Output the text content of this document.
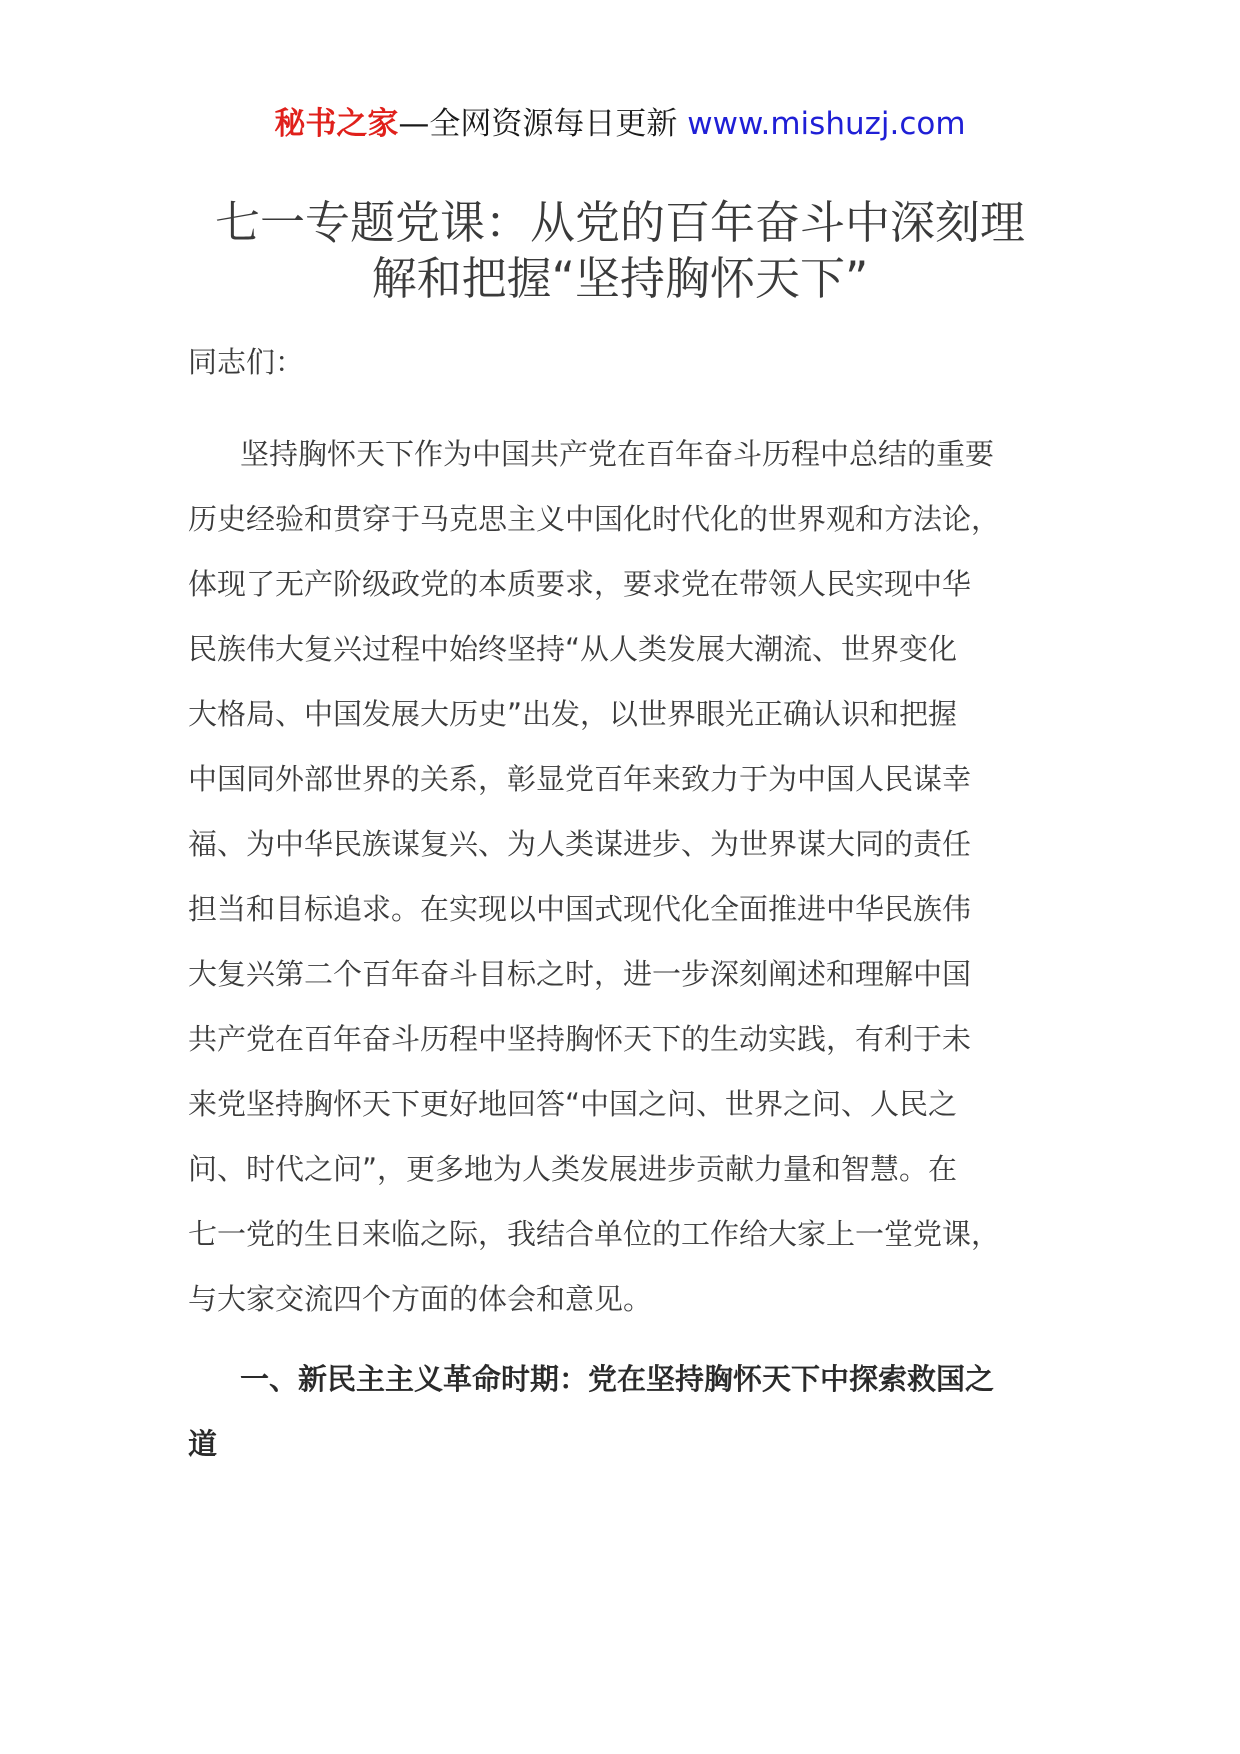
秘书之家—全网资源每日更新 www.mishuzj.com
七一专题党课：从党的百年奋斗中深刻理
解和把握“坚持胸怀天下”
同志们：
坚持胸怀天下作为中国共产党在百年奋斗历程中总结的重要
历史经验和贯穿于马克思主义中国化时代化的世界观和方法论，
体现了无产阶级政党的本质要求，要求党在带领人民实现中华
民族伟大复兴过程中始终坚持“从人类发展大潮流、世界变化
大格局、中国发展大历史”出发，以世界眼光正确认识和把握
中国同外部世界的关系，彰显党百年来致力于为中国人民谋幸
福、为中华民族谋复兴、为人类谋进步、为世界谋大同的责任
担当和目标追求。在实现以中国式现代化全面推进中华民族伟
大复兴第二个百年奋斗目标之时，进一步深刻阐述和理解中国
共产党在百年奋斗历程中坚持胸怀天下的生动实践，有利于未
来党坚持胸怀天下更好地回答“中国之问、世界之问、人民之
问、时代之问”，更多地为人类发展进步贡献力量和智慧。在
七一党的生日来临之际，我结合单位的工作给大家上一堂党课，
与大家交流四个方面的体会和意见。
一、新民主主义革命时期：党在坚持胸怀天下中探索救国之
道
